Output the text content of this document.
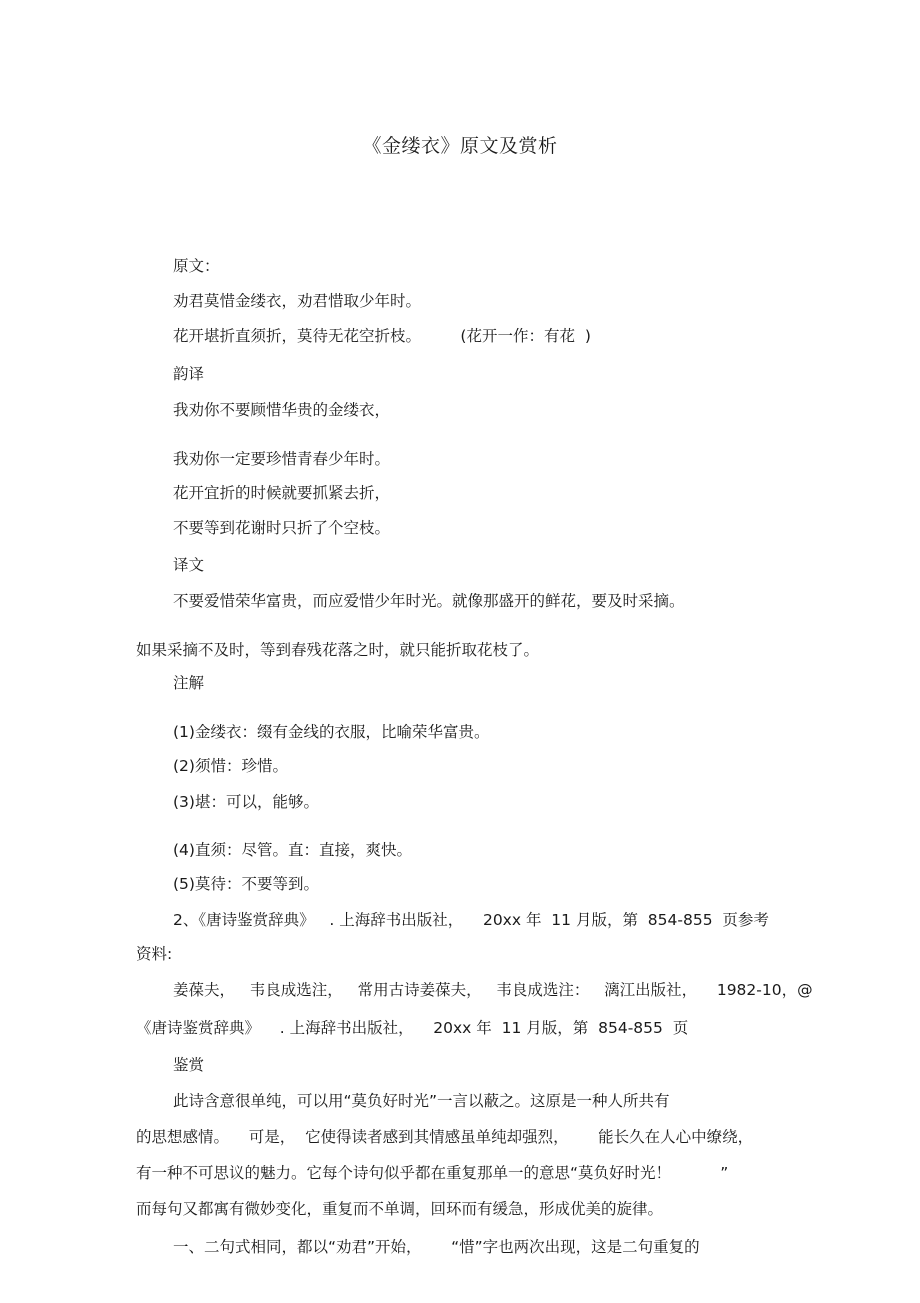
《金缕衣》原文及赏析
原文：
劝君莫惜金缕衣，劝君惜取少年时。
花开堪折直须折，莫待无花空折枝。        (花开一作：有花  )
韵译
我劝你不要顾惜华贵的金缕衣，
我劝你一定要珍惜青春少年时。
花开宜折的时候就要抓紧去折，
不要等到花谢时只折了个空枝。
译文
不要爱惜荣华富贵，而应爱惜少年时光。就像那盛开的鲜花，要及时采摘。
如果采摘不及时，等到春残花落之时，就只能折取花枝了。
注解
(1)金缕衣：缀有金线的衣服，比喻荣华富贵。
(2)须惜：珍惜。
(3)堪：可以，能够。
(4)直须：尽管。直：直接，爽快。
(5)莫待：不要等到。
2、《唐诗鉴赏辞典》   . 上海辞书出版社，    20xx 年  11 月版，第  854-855  页参考
资料:
姜葆夫，   韦良成选注，   常用古诗姜葆夫，   韦良成选注：   漓江出版社，    1982-10，@
《唐诗鉴赏辞典》    . 上海辞书出版社，    20xx 年  11 月版，第  854-855  页
鉴赏
此诗含意很单纯，可以用“莫负好时光”一言以蔽之。这原是一种人所共有
的思想感情。    可是，  它使得读者感到其情感虽单纯却强烈，      能长久在人心中缭绕，
有一种不可思议的魅力。它每个诗句似乎都在重复那单一的意思“莫负好时光！          ”
而每句又都寓有微妙变化，重复而不单调，回环而有缓急，形成优美的旋律。
一、二句式相同，都以“劝君”开始，      “惜”字也两次出现，这是二句重复的
